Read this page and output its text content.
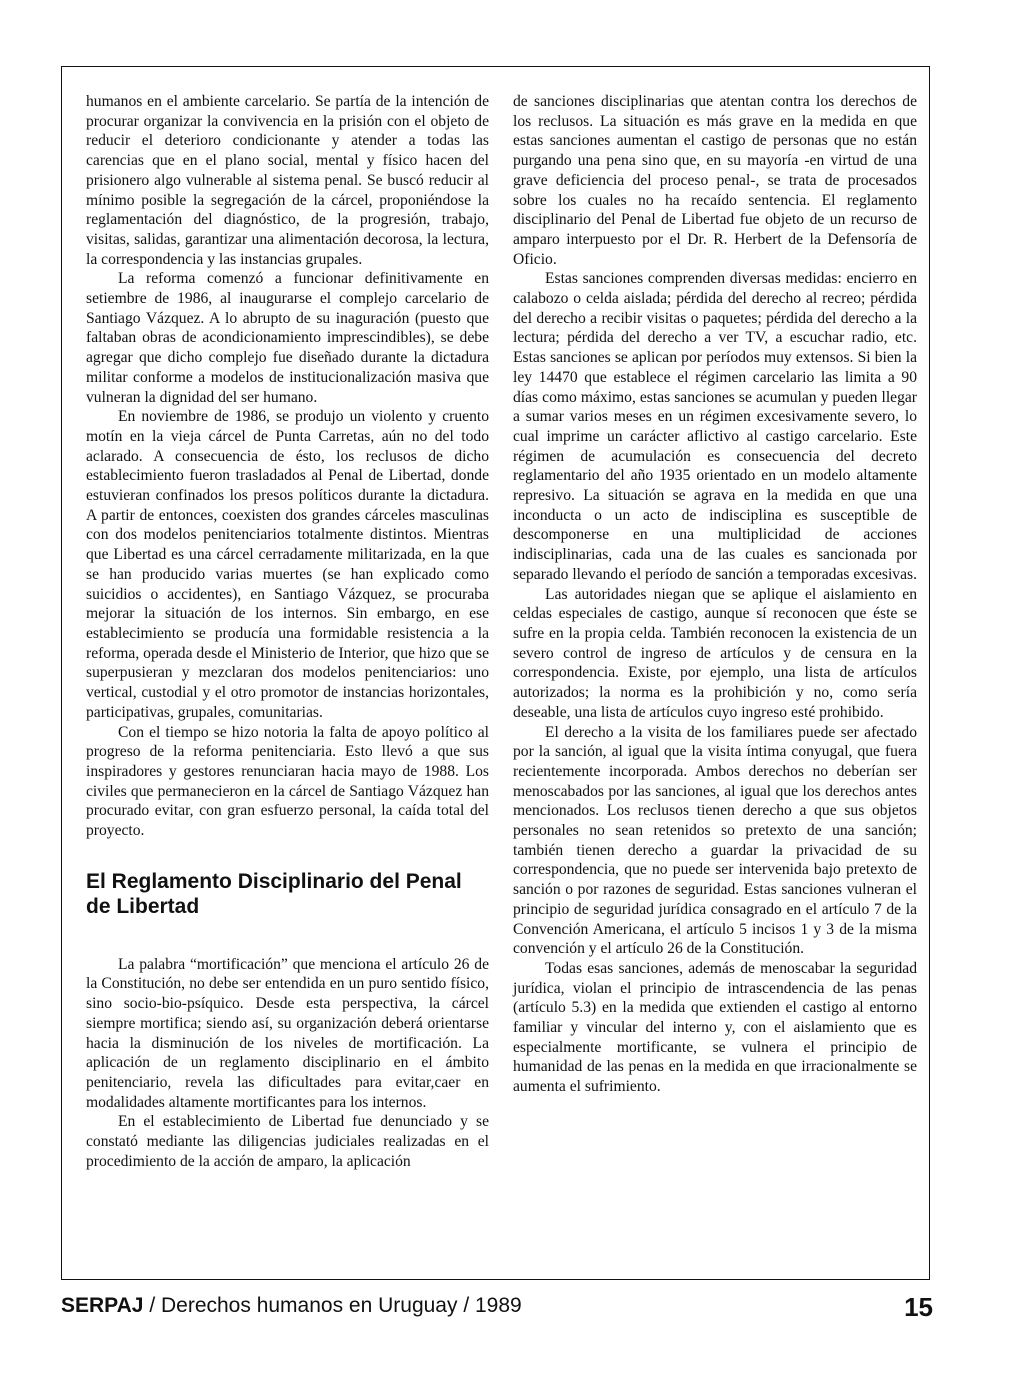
humanos en el ambiente carcelario. Se partía de la intención de procurar organizar la convivencia en la prisión con el objeto de reducir el deterioro condicionante y atender a todas las carencias que en el plano social, mental y físico hacen del prisionero algo vulnerable al sistema penal. Se buscó reducir al mínimo posible la segregación de la cárcel, proponiéndose la reglamentación del diagnóstico, de la progresión, trabajo, visitas, salidas, garantizar una alimentación decorosa, la lectura, la correspondencia y las instancias grupales.

La reforma comenzó a funcionar definitivamente en setiembre de 1986, al inaugurarse el complejo carcelario de Santiago Vázquez. A lo abrupto de su inaguración (puesto que faltaban obras de acondicionamiento imprescindibles), se debe agregar que dicho complejo fue diseñado durante la dictadura militar conforme a modelos de institucionalización masiva que vulneran la dignidad del ser humano.

En noviembre de 1986, se produjo un violento y cruento motín en la vieja cárcel de Punta Carretas, aún no del todo aclarado. A consecuencia de ésto, los reclusos de dicho establecimiento fueron trasladados al Penal de Libertad, donde estuvieran confinados los presos políticos durante la dictadura. A partir de entonces, coexisten dos grandes cárceles masculinas con dos modelos penitenciarios totalmente distintos. Mientras que Libertad es una cárcel cerradamente militarizada, en la que se han producido varias muertes (se han explicado como suicidios o accidentes), en Santiago Vázquez, se procuraba mejorar la situación de los internos. Sin embargo, en ese establecimiento se producía una formidable resistencia a la reforma, operada desde el Ministerio de Interior, que hizo que se superpusieran y mezclaran dos modelos penitenciarios: uno vertical, custodial y el otro promotor de instancias horizontales, participativas, grupales, comunitarias.

Con el tiempo se hizo notoria la falta de apoyo político al progreso de la reforma penitenciaria. Esto llevó a que sus inspiradores y gestores renunciaran hacia mayo de 1988. Los civiles que permanecieron en la cárcel de Santiago Vázquez han procurado evitar, con gran esfuerzo personal, la caída total del proyecto.

El Reglamento Disciplinario del Penal de Libertad

La palabra “mortificación” que menciona el artículo 26 de la Constitución, no debe ser entendida en un puro sentido físico, sino socio-bio-psíquico. Desde esta perspectiva, la cárcel siempre mortifica; siendo así, su organización deberá orientarse hacia la disminución de los niveles de mortificación. La aplicación de un reglamento disciplinario en el ámbito penitenciario, revela las dificultades para evitar,caer en modalidades altamente mortificantes para los internos.

En el establecimiento de Libertad fue denunciado y se constató mediante las diligencias judiciales realizadas en el procedimiento de la acción de amparo, la aplicación

de sanciones disciplinarias que atentan contra los derechos de los reclusos. La situación es más grave en la medida en que estas sanciones aumentan el castigo de personas que no están purgando una pena sino que, en su mayoría -en virtud de una grave deficiencia del proceso penal-, se trata de procesados sobre los cuales no ha recaído sentencia. El reglamento disciplinario del Penal de Libertad fue objeto de un recurso de amparo interpuesto por el Dr. R. Herbert de la Defensoría de Oficio.

Estas sanciones comprenden diversas medidas: encierro en calabozo o celda aislada; pérdida del derecho al recreo; pérdida del derecho a recibir visitas o paquetes; pérdida del derecho a la lectura; pérdida del derecho a ver TV, a escuchar radio, etc. Estas sanciones se aplican por períodos muy extensos. Si bien la ley 14470 que establece el régimen carcelario las limita a 90 días como máximo, estas sanciones se acumulan y pueden llegar a sumar varios meses en un régimen excesivamente severo, lo cual imprime un carácter aflictivo al castigo carcelario. Este régimen de acumulación es consecuencia del decreto reglamentario del año 1935 orientado en un modelo altamente represivo. La situación se agrava en la medida en que una inconducta o un acto de indisciplina es susceptible de descomponerse en una multiplicidad de acciones indisciplinarias, cada una de las cuales es sancionada por separado llevando el período de sanción a temporadas excesivas.

Las autoridades niegan que se aplique el aislamiento en celdas especiales de castigo, aunque sí reconocen que éste se sufre en la propia celda. También reconocen la existencia de un severo control de ingreso de artículos y de censura en la correspondencia. Existe, por ejemplo, una lista de artículos autorizados; la norma es la prohibición y no, como sería deseable, una lista de artículos cuyo ingreso esté prohibido.

El derecho a la visita de los familiares puede ser afectado por la sanción, al igual que la visita íntima conyugal, que fuera recientemente incorporada. Ambos derechos no deberían ser menoscabados por las sanciones, al igual que los derechos antes mencionados. Los reclusos tienen derecho a que sus objetos personales no sean retenidos so pretexto de una sanción; también tienen derecho a guardar la privacidad de su correspondencia, que no puede ser intervenida bajo pretexto de sanción o por razones de seguridad. Estas sanciones vulneran el principio de seguridad jurídica consagrado en el artículo 7 de la Convención Americana, el artículo 5 incisos 1 y 3 de la misma convención y el artículo 26 de la Constitución.

Todas esas sanciones, además de menoscabar la seguridad jurídica, violan el principio de intrascendencia de las penas (artículo 5.3) en la medida que extienden el castigo al entorno familiar y vincular del interno y, con el aislamiento que es especialmente mortificante, se vulnera el principio de humanidad de las penas en la medida en que irracionalmente se aumenta el sufrimiento.

SERPAJ / Derechos humanos en Uruguay / 1989	15
